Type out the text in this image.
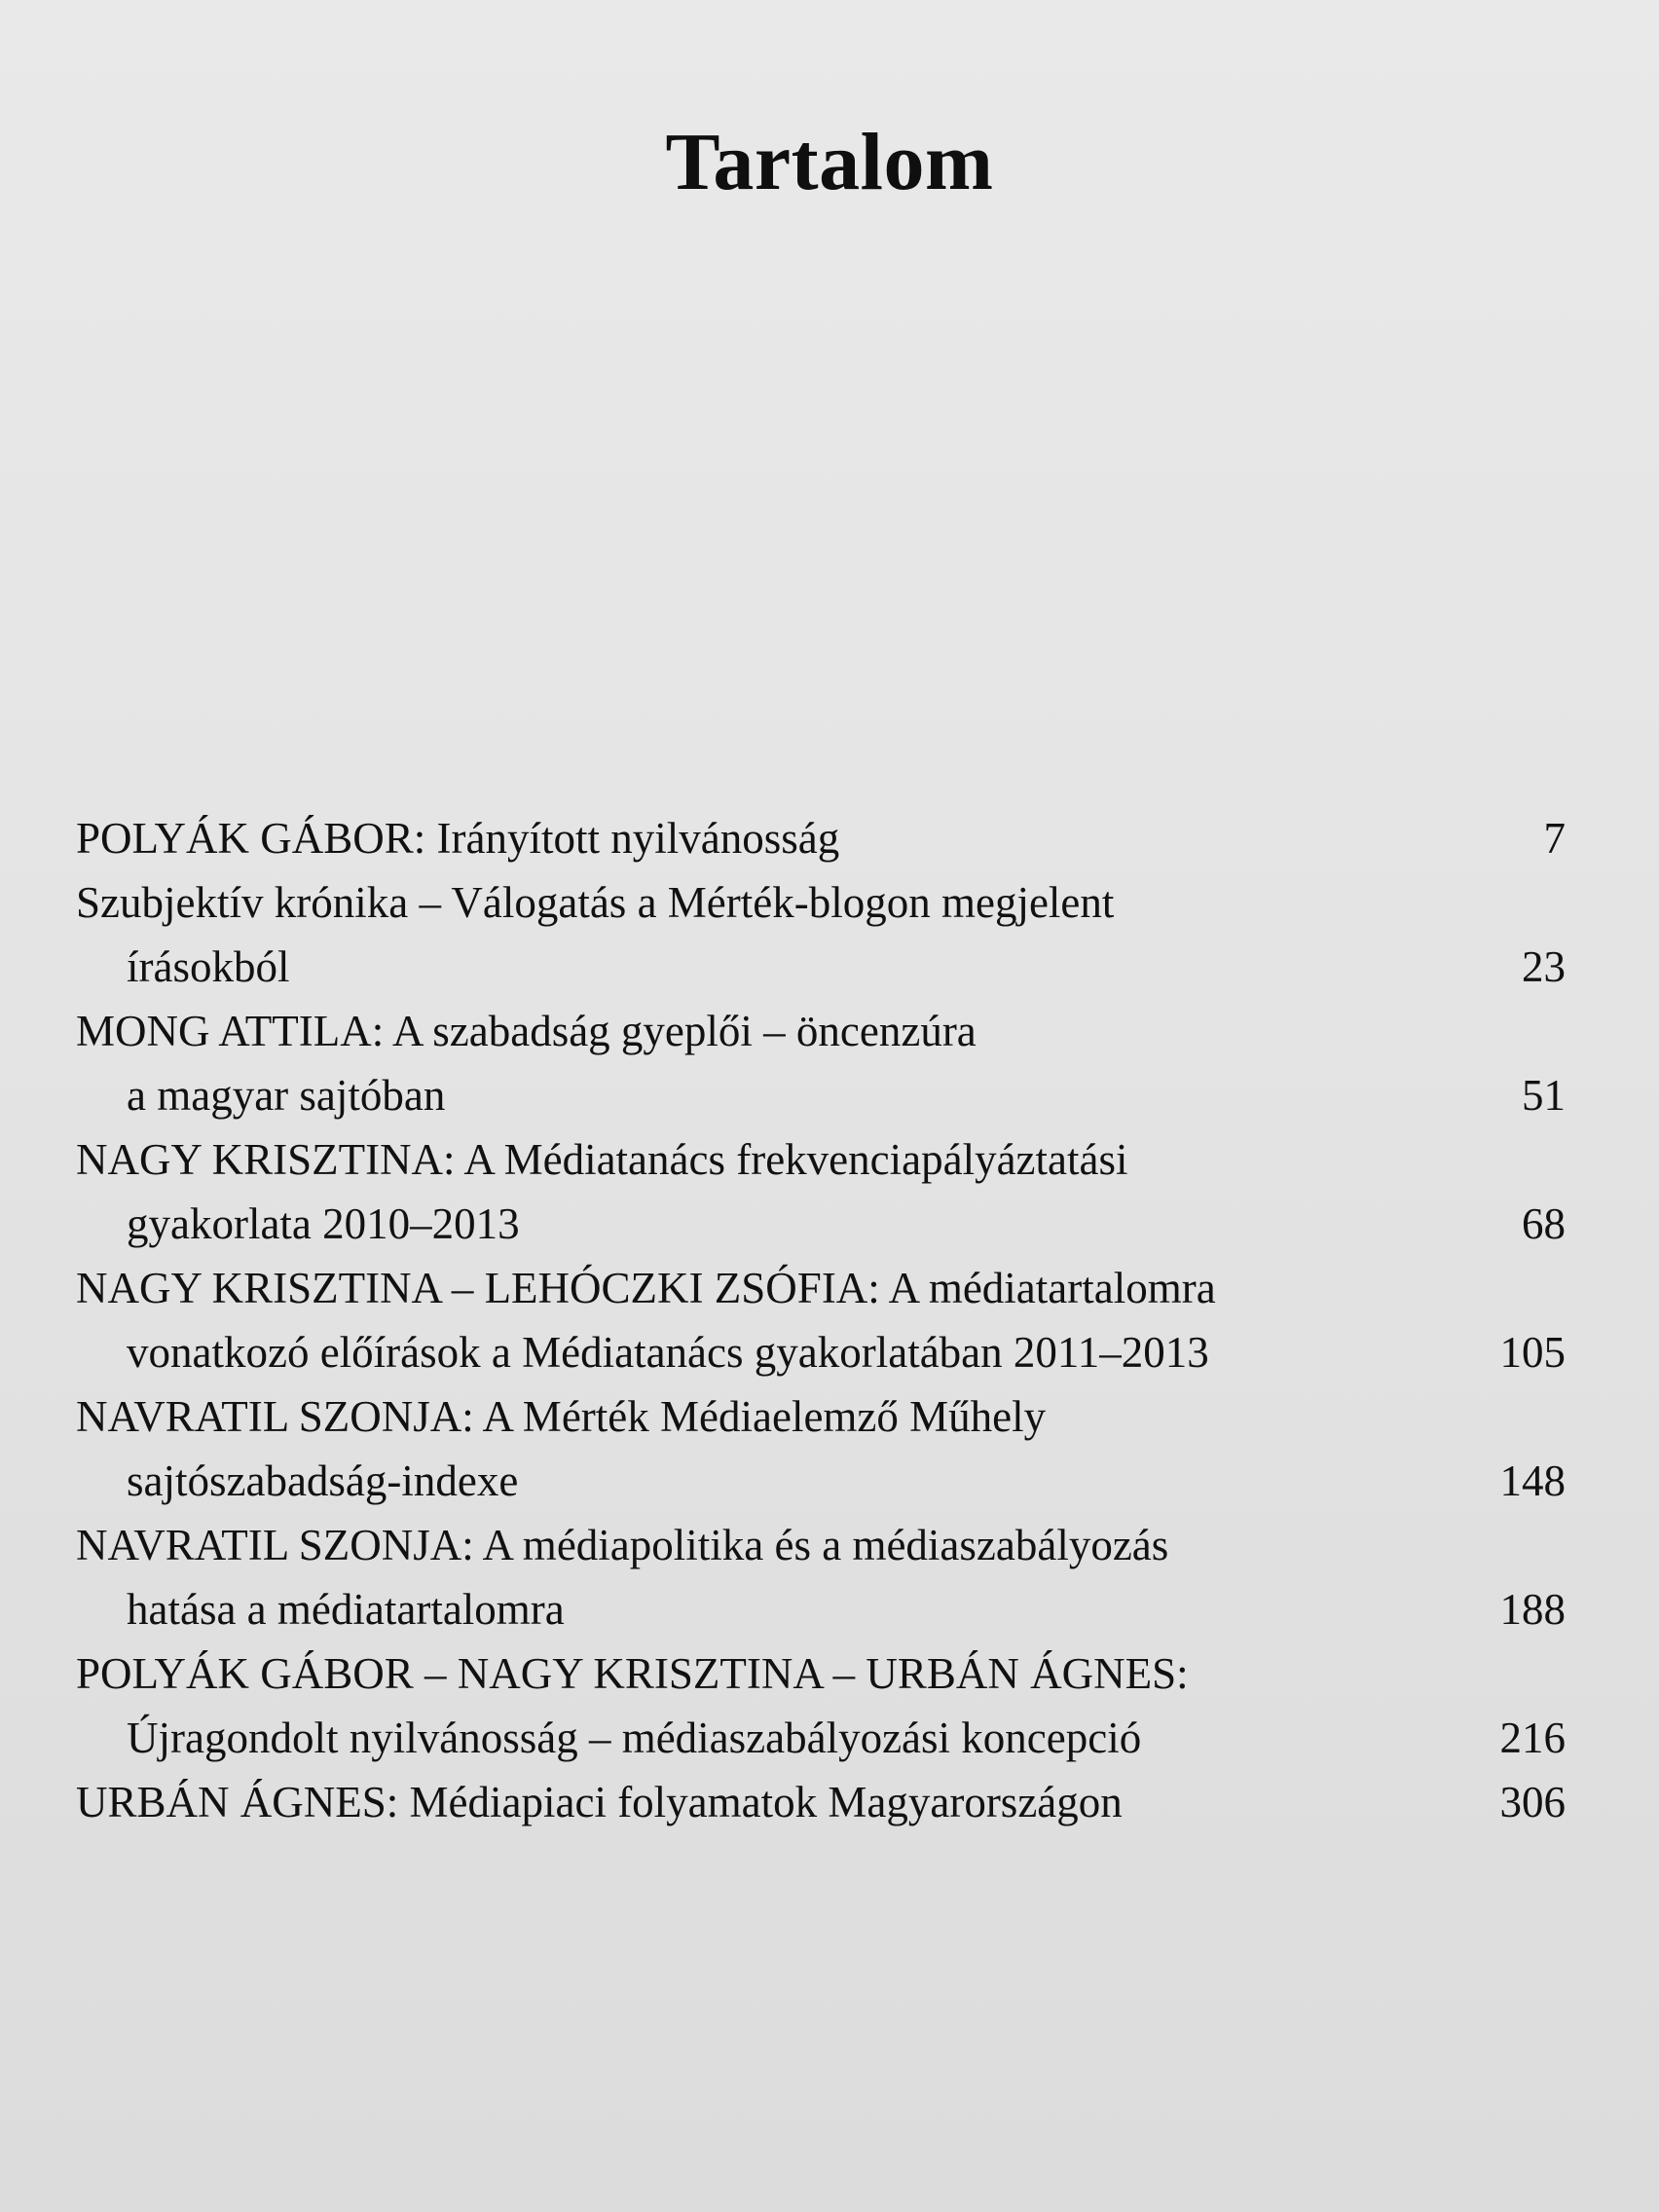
Tartalom
POLYÁK GÁBOR: Irányított nyilvánosság	7
Szubjektív krónika – Válogatás a Mérték-blogon megjelent
írásokból	23
MONG ATTILA: A szabadság gyeplői – öncenzúra
a magyar sajtóban	51
NAGY KRISZTINA: A Médiatanács frekvenciapályáztatási
gyakorlata 2010–2013	68
NAGY KRISZTINA – LEHÓCZKI ZSÓFIA: A médiatartalomra
vonatkozó előírások a Médiatanács gyakorlatában 2011–2013	105
NAVRATIL SZONJA: A Mérték Médiaelemző Műhely
sajtószabadság-indexe	148
NAVRATIL SZONJA: A médiapolitika és a médiaszabályozás
hatása a médiatartalomra	188
POLYÁK GÁBOR – NAGY KRISZTINA – URBÁN ÁGNES:
Újragondolt nyilvánosság – médiaszabályozási koncepció	216
URBÁN ÁGNES: Médiapiaci folyamatok Magyarországon	306
